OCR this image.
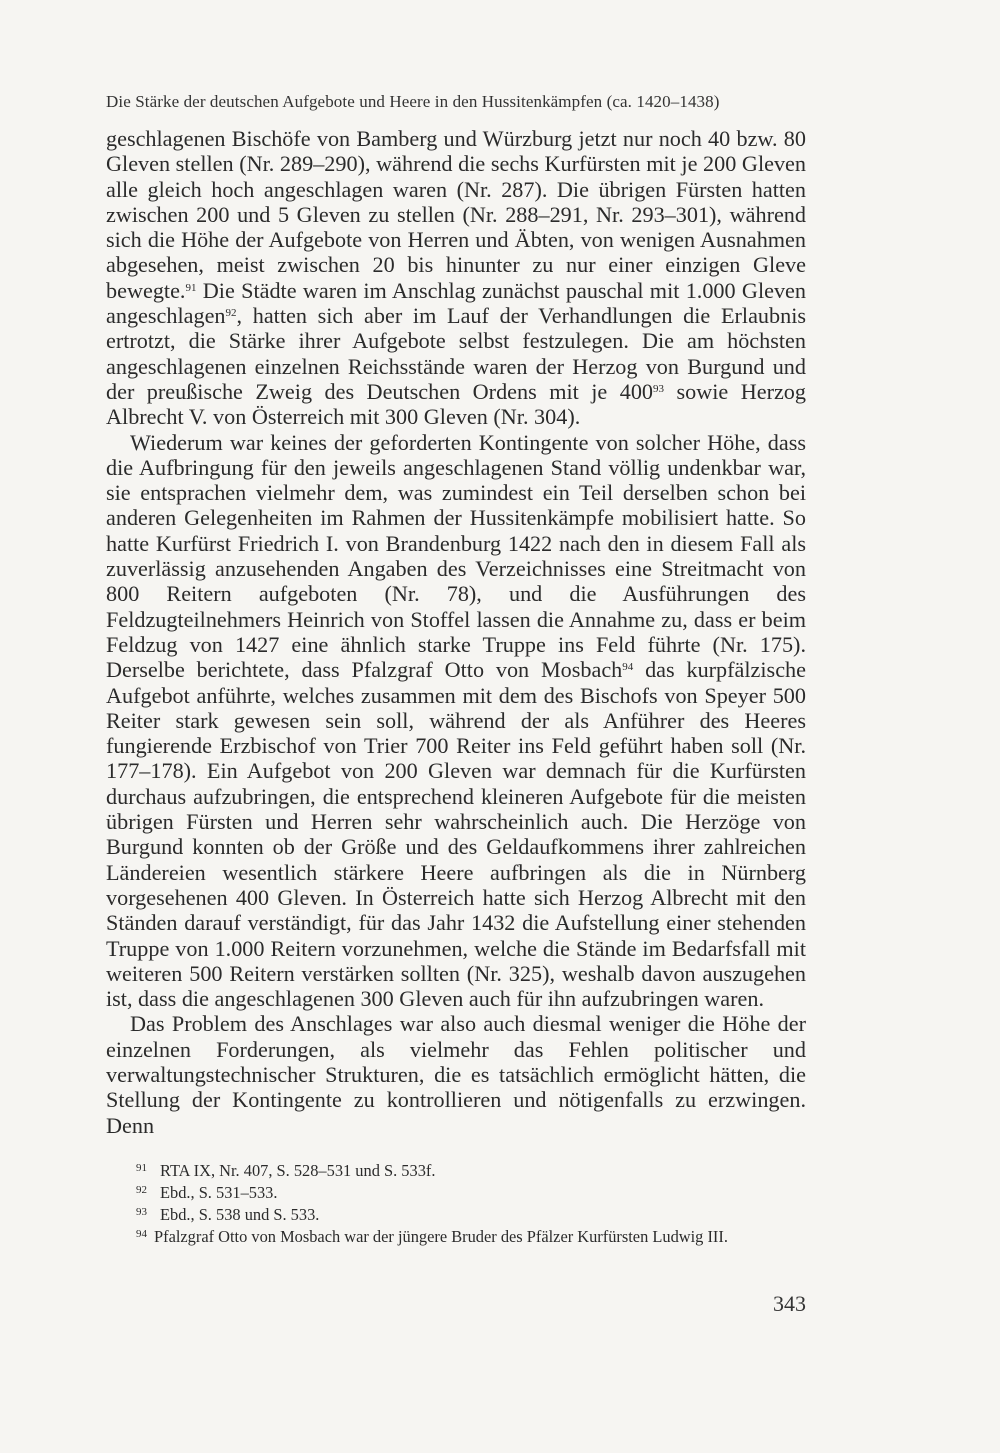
Die Stärke der deutschen Aufgebote und Heere in den Hussitenkämpfen (ca. 1420–1438)

geschlagenen Bischöfe von Bamberg und Würzburg jetzt nur noch 40 bzw. 80 Gleven stellen (Nr. 289–290), während die sechs Kurfürsten mit je 200 Gleven alle gleich hoch angeschlagen waren (Nr. 287). Die übrigen Fürsten hatten zwischen 200 und 5 Gleven zu stellen (Nr. 288–291, Nr. 293–301), während sich die Höhe der Aufgebote von Herren und Äbten, von wenigen Ausnahmen abgesehen, meist zwischen 20 bis hinunter zu nur einer einzigen Gleve bewegte.$^{91}$ Die Städte waren im Anschlag zunächst pauschal mit 1.000 Gleven angeschlagen$^{92}$, hatten sich aber im Lauf der Verhandlungen die Erlaubnis ertrotzt, die Stärke ihrer Aufgebote selbst festzulegen. Die am höchsten angeschlagenen einzelnen Reichsstände waren der Herzog von Burgund und der preußische Zweig des Deutschen Ordens mit je 400$^{93}$ sowie Herzog Albrecht V. von Österreich mit 300 Gleven (Nr. 304).

Wiederum war keines der geforderten Kontingente von solcher Höhe, dass die Aufbringung für den jeweils angeschlagenen Stand völlig undenkbar war, sie entsprachen vielmehr dem, was zumindest ein Teil derselben schon bei anderen Gelegenheiten im Rahmen der Hussitenkämpfe mobilisiert hatte. So hatte Kurfürst Friedrich I. von Brandenburg 1422 nach den in diesem Fall als zuverlässig anzusehenden Angaben des Verzeichnisses eine Streitmacht von 800 Reitern aufgeboten (Nr. 78), und die Ausführungen des Feldzugteilnehmers Heinrich von Stoffel lassen die Annahme zu, dass er beim Feldzug von 1427 eine ähnlich starke Truppe ins Feld führte (Nr. 175). Derselbe berichtete, dass Pfalzgraf Otto von Mosbach$^{94}$ das kurpfälzische Aufgebot anführte, welches zusammen mit dem des Bischofs von Speyer 500 Reiter stark gewesen sein soll, während der als Anführer des Heeres fungierende Erzbischof von Trier 700 Reiter ins Feld geführt haben soll (Nr. 177–178). Ein Aufgebot von 200 Gleven war demnach für die Kurfürsten durchaus aufzubringen, die entsprechend kleineren Aufgebote für die meisten übrigen Fürsten und Herren sehr wahrscheinlich auch. Die Herzöge von Burgund konnten ob der Größe und des Geldaufkommens ihrer zahlreichen Ländereien wesentlich stärkere Heere aufbringen als die in Nürnberg vorgesehenen 400 Gleven. In Österreich hatte sich Herzog Albrecht mit den Ständen darauf verständigt, für das Jahr 1432 die Aufstellung einer stehenden Truppe von 1.000 Reitern vorzunehmen, welche die Stände im Bedarfsfall mit weiteren 500 Reitern verstärken sollten (Nr. 325), weshalb davon auszugehen ist, dass die angeschlagenen 300 Gleven auch für ihn aufzubringen waren.

Das Problem des Anschlages war also auch diesmal weniger die Höhe der einzelnen Forderungen, als vielmehr das Fehlen politischer und verwaltungstechnischer Strukturen, die es tatsächlich ermöglicht hätten, die Stellung der Kontingente zu kontrollieren und nötigenfalls zu erzwingen. Denn

91 RTA IX, Nr. 407, S. 528–531 und S. 533f.

92 Ebd., S. 531–533.

93 Ebd., S. 538 und S. 533.

94 Pfalzgraf Otto von Mosbach war der jüngere Bruder des Pfälzer Kurfürsten Ludwig III.

343
